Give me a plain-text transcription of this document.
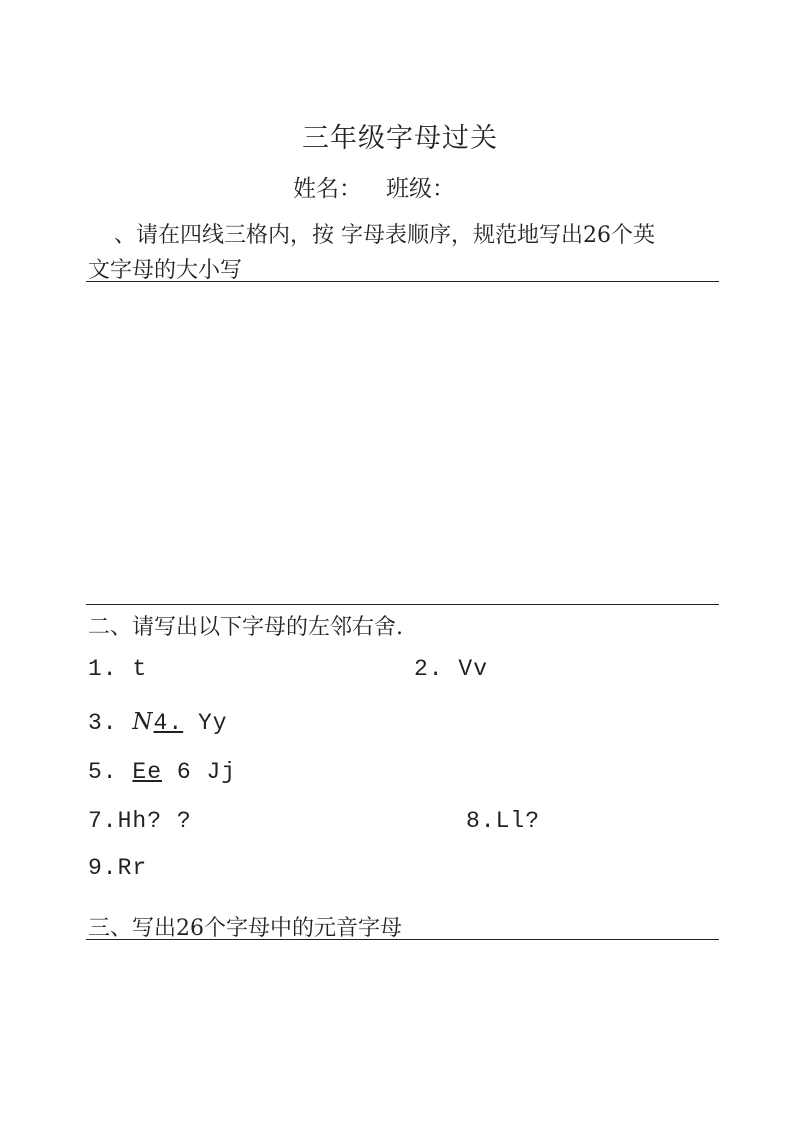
三年级字母过关
姓名： 班级：
、请在四线三格内，按 字母表顺序，规范地写出26个英
文字母的大小写
二、请写出以下字母的左邻右舍.
1. t	2. Vv
3. N4. Yy
5. Ee 6 Jj
7.Hh? ?	8.Ll?
9.Rr
三、写出26个字母中的元音字母
